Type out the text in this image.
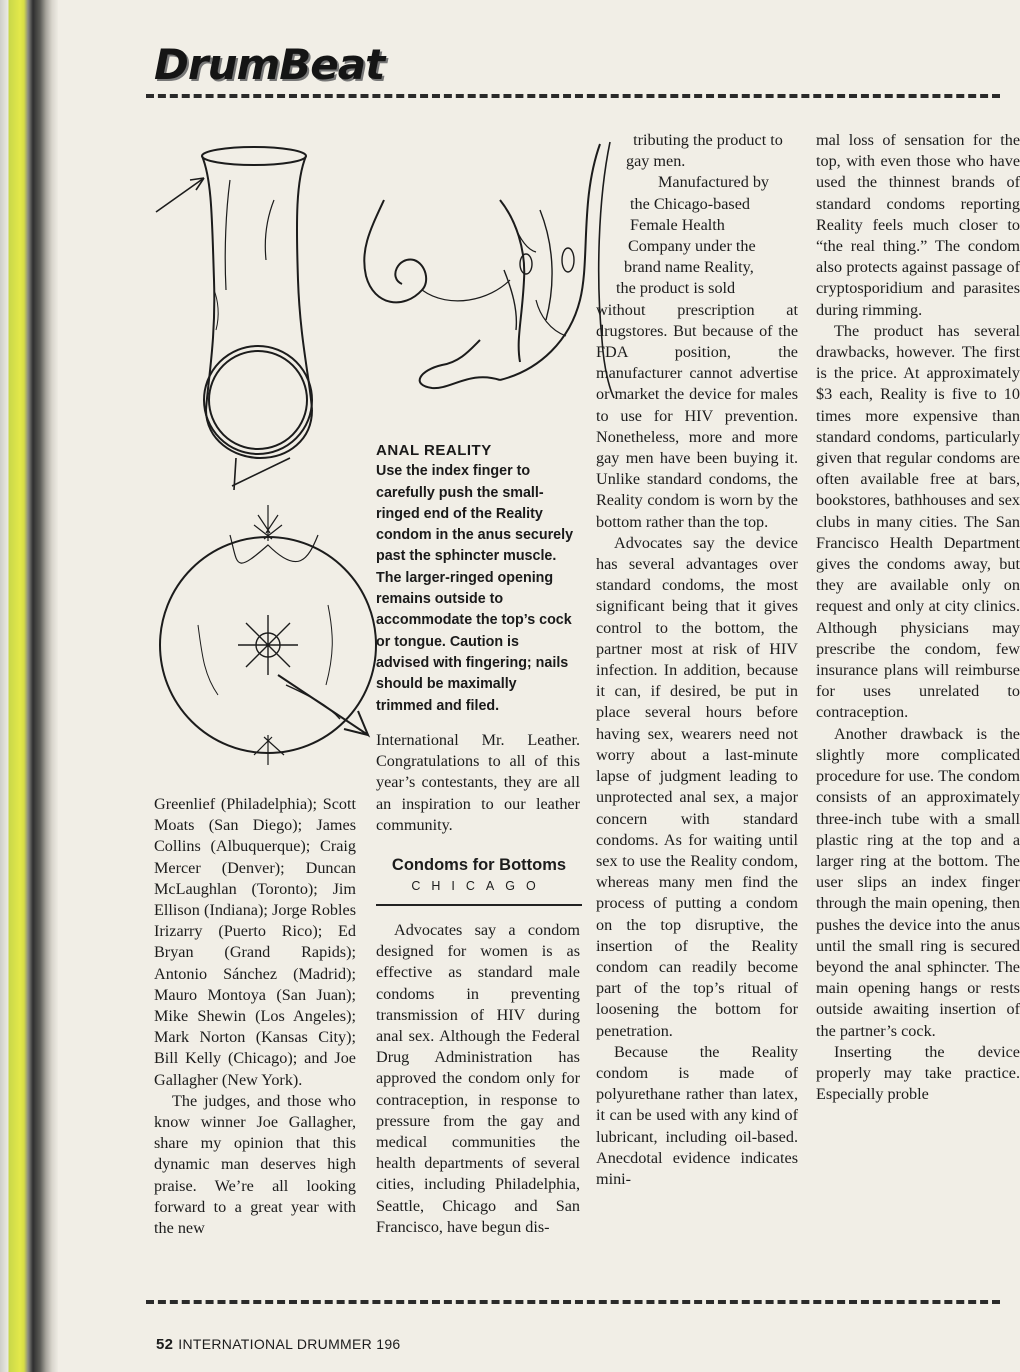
DrumBeat
ANAL REALITY
Use the index finger to carefully push the small-ringed end of the Reality condom in the anus securely past the sphincter muscle. The larger-ringed opening remains outside to accommodate the top’s cock or tongue. Caution is advised with fingering; nails should be maximally trimmed and filed.

Greenlief (Philadelphia); Scott Moats (San Diego); James Collins (Albuquerque); Craig Mercer (Denver); Duncan McLaughlan (Toronto); Jim Ellison (Indiana); Jorge Robles Irizarry (Puerto Rico); Ed Bryan (Grand Rapids); Antonio Sánchez (Madrid); Mauro Montoya (San Juan); Mike Shewin (Los Angeles); Mark Norton (Kansas City); Bill Kelly (Chicago); and Joe Gallagher (New York).

The judges, and those who know winner Joe Gallagher, share my opinion that this dynamic man deserves high praise. We’re all looking forward to a great year with the new

International Mr. Leather. Congratulations to all of this year’s contestants, they are all an inspiration to our leather community.

Condoms for Bottoms
CHICAGO

Advocates say a condom designed for women is as effective as standard male condoms in preventing transmission of HIV during anal sex. Although the Federal Drug Administration has approved the condom only for contraception, in response to pressure from the gay and medical communities the health departments of several cities, including Philadelphia, Seattle, Chicago and San Francisco, have begun dis-

tributing the product to
gay men.
Manufactured by
the Chicago-based
Female Health
Company under the
brand name Reality,
the product is sold

without prescription at drugstores. But because of the FDA position, the manufacturer cannot advertise or market the device for males to use for HIV prevention. Nonetheless, more and more gay men have been buying it. Unlike standard condoms, the Reality condom is worn by the bottom rather than the top.

Advocates say the device has several advantages over standard condoms, the most significant being that it gives control to the bottom, the partner most at risk of HIV infection. In addition, because it can, if desired, be put in place several hours before having sex, wearers need not worry about a last-minute lapse of judgment leading to unprotected anal sex, a major concern with standard condoms. As for waiting until sex to use the Reality condom, whereas many men find the process of putting a condom on the top disruptive, the insertion of the Reality condom can readily become part of the top’s ritual of loosening the bottom for penetration.

Because the Reality condom is made of polyurethane rather than latex, it can be used with any kind of lubricant, including oil-based. Anecdotal evidence indicates mini-

mal loss of sensation for the top, with even those who have used the thinnest brands of standard condoms reporting Reality feels much closer to “the real thing.” The condom also protects against passage of cryptosporidium and parasites during rimming.

The product has several drawbacks, however. The first is the price. At approximately $3 each, Reality is five to 10 times more expensive than standard condoms, particularly given that regular condoms are often available free at bars, bookstores, bathhouses and sex clubs in many cities. The San Francisco Health Department gives the condoms away, but they are available only on request and only at city clinics. Although physicians may prescribe the condom, few insurance plans will reimburse for uses unrelated to contraception.

Another drawback is the slightly more complicated procedure for use. The condom consists of an approximately three-inch tube with a small plastic ring at the top and a larger ring at the bottom. The user slips an index finger through the main opening, then pushes the device into the anus until the small ring is secured beyond the anal sphincter. The main opening hangs or rests outside awaiting insertion of the partner’s cock.

Inserting the device properly may take practice. Especially proble

52 INTERNATIONAL DRUMMER 196
